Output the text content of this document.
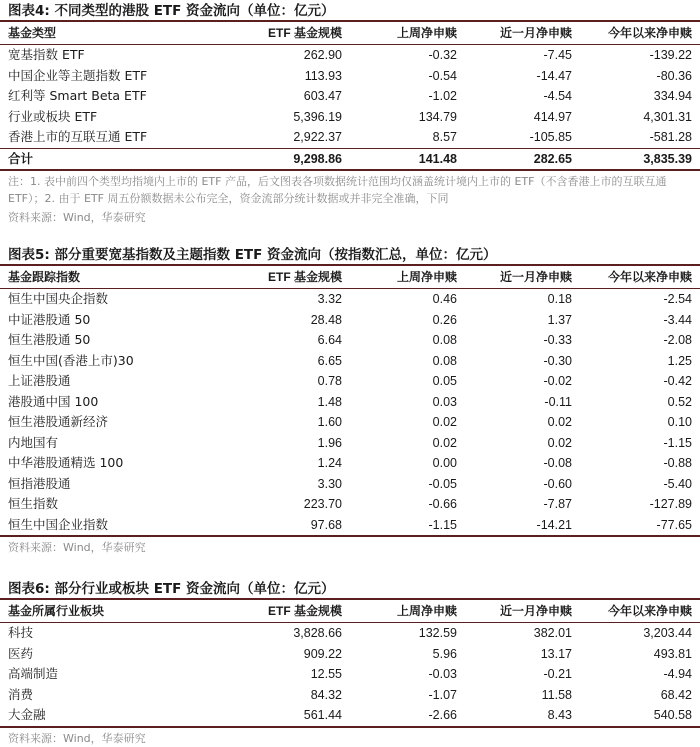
图表4: 不同类型的港股 ETF 资金流向（单位：亿元）
基金类型	ETF 基金规模	上周净申赎	近一月净申赎	今年以来净申赎
宽基指数 ETF	262.90	-0.32	-7.45	-139.22
中国企业等主题指数 ETF	113.93	-0.54	-14.47	-80.36
红利等 Smart Beta ETF	603.47	-1.02	-4.54	334.94
行业或板块 ETF	5,396.19	134.79	414.97	4,301.31
香港上市的互联互通 ETF	2,922.37	8.57	-105.85	-581.28
合计	9,298.86	141.48	282.65	3,835.39
注：1. 表中前四个类型均指境内上市的 ETF 产品，后文图表各项数据统计范围均仅涵盖统计境内上市的 ETF（不含香港上市的互联互通 ETF）；2. 由于 ETF 周五份额数据未公布完全，资金流部分统计数据或并非完全准确，下同
资料来源：Wind，华泰研究
图表5: 部分重要宽基指数及主题指数 ETF 资金流向（按指数汇总，单位：亿元）
基金跟踪指数	ETF 基金规模	上周净申赎	近一月净申赎	今年以来净申赎
恒生中国央企指数	3.32	0.46	0.18	-2.54
中证港股通 50	28.48	0.26	1.37	-3.44
恒生港股通 50	6.64	0.08	-0.33	-2.08
恒生中国(香港上市)30	6.65	0.08	-0.30	1.25
上证港股通	0.78	0.05	-0.02	-0.42
港股通中国 100	1.48	0.03	-0.11	0.52
恒生港股通新经济	1.60	0.02	0.02	0.10
内地国有	1.96	0.02	0.02	-1.15
中华港股通精选 100	1.24	0.00	-0.08	-0.88
恒指港股通	3.30	-0.05	-0.60	-5.40
恒生指数	223.70	-0.66	-7.87	-127.89
恒生中国企业指数	97.68	-1.15	-14.21	-77.65
资料来源：Wind，华泰研究
图表6: 部分行业或板块 ETF 资金流向（单位：亿元）
基金所属行业板块	ETF 基金规模	上周净申赎	近一月净申赎	今年以来净申赎
科技	3,828.66	132.59	382.01	3,203.44
医药	909.22	5.96	13.17	493.81
高端制造	12.55	-0.03	-0.21	-4.94
消费	84.32	-1.07	11.58	68.42
大金融	561.44	-2.66	8.43	540.58
资料来源：Wind，华泰研究
